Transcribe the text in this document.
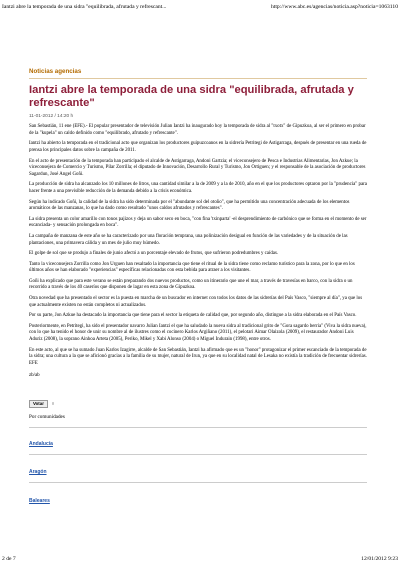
Iantzi abre la temporada de una sidra "equilibrada, afrutada y refrescant...	http://www.abc.es/agencias/noticia.asp?noticia=1063110
Noticias agencias
Iantzi abre la temporada de una sidra "equilibrada, afrutada y refrescante"
11-01-2012 / 14:20 h

San Sebastián, 11 ene (EFE).- El popular presentador de televisión Julian Iantzi ha inaugurado hoy la temporada de sidra al "txotx" de Gipuzkoa, al ser el primero en probar de la "kupela" un caldo definido como "equilibrado, afrutado y refrescante".

Iantzi ha abierto la temporada en el tradicional acto que organizan los productores guipuzcoanos en la sidrería Petritegi de Astigarraga, después de presentar en una rueda de prensa los principales datos sobre la campaña de 2011.

En el acto de presentación de la temporada han participado el alcalde de Astigarraga, Andoni Gartzia; el viceconsejero de Pesca e Industrias Alimentarias, Jon Azkue; la viceconsejera de Comercio y Turismo, Pilar Zorrilla; el diputado de Innovación, Desarrollo Rural y Turismo, Jon Ortiguen; y el responsable de la asociación de productores Sagardun, José Angel Goñi.

La producción de sidra ha alcanzado los 10 millones de litros, una cantidad similar a la de 2009 y a la de 2010, año en el que los productores optaron por la "prudencia" para hacer frente a una previsible reducción de la demanda debido a la crisis económica.

Según ha indicado Goñi, la calidad de la sidra ha sido determinada por el "abundante sol del otoño", que ha permitido una concentración adecuada de los elementos aromáticos de las manzanas, lo que ha dado como resultado "unos caldos afrutados y refrescantes".

La sidra presenta un color amarillo con tonos pajizos y deja un sabor seco en boca, "con fina 'txinparta' -el desprendimiento de carbónico que se forma en el momento de ser escanciada- y sensación prolongada en boca".

La campaña de manzana de este año se ha caracterizado por una floración temprana, una polinización desigual en función de las variedades y de la situación de las plantaciones, una primavera cálida y un mes de julio muy húmedo.

El golpe de sol que se produjo a finales de junio afectó a un porcentaje elevado de frutos, que sufrieron podredumbres y caídas.

Tanto la viceconsejera Zorrilla como Jon Urguen han resaltado la importancia que tiene el ritual de la sidra tiene como reclamo turístico para la zona, por lo que en los últimos años se han elaborado "experiencias" específicas relacionadas con esta bebida para atraer a los visitantes.

Goñi ha explicado que para este verano se están preparando dos nuevos productos, como un itinerario que une el mar, a través de travesías en barco, con la sidra o un recorrido a través de los 40 caseríos que disponen de lagar en esta zona de Gipuzkoa.

Otra novedad que ha presentado el sector es la puesta en marcha de un buscador en internet con todos los datos de las sidrerías del País Vasco, "siempre al día", ya que los que actualmente existen no están completos ni actualizados.

Por su parte, Jon Azkue ha destacado la importancia que tiene para el sector la etiqueta de calidad que, por segundo año, distingue a la sidra elaborada en el País Vasco.

Posteriormente, en Petritegi, ha sido el presentador navarro Julian Iantzi el que ha saludado la nueva sidra al tradicional grito de "Gora sagardo berria" (Viva la sidra nueva), con lo que ha tenido el honor de unir su nombre al de ilustres como el cocinero Karlos Argiñano (2011), el pelotari Aimar Olaizola (2009), el restaurador Andoni Luis Aduriz (2008), la soprano Ainhoa Arteta (2005), Periko, Mikel y Xabi Alonso (2004) o Miguel Indurain (1998), entre otros.

En este acto, al que se ha sumado Juan Karlos Izagirre, alcalde de San Sebastián, Iantzi ha afirmado que es un "honor" protagonizar el primer escanciado de la temporada de la sidra; una cultura a la que se aficionó gracias a la familia de su mujer, natural de Irun, ya que en su localidad natal de Lesaka no existía la tradición de frecuentar sidrerías. EFE

zb/ab
Votar 0
Por comunidades
Andalucía
Aragón
Baleares
2 de 7	12/01/2012 9:23
